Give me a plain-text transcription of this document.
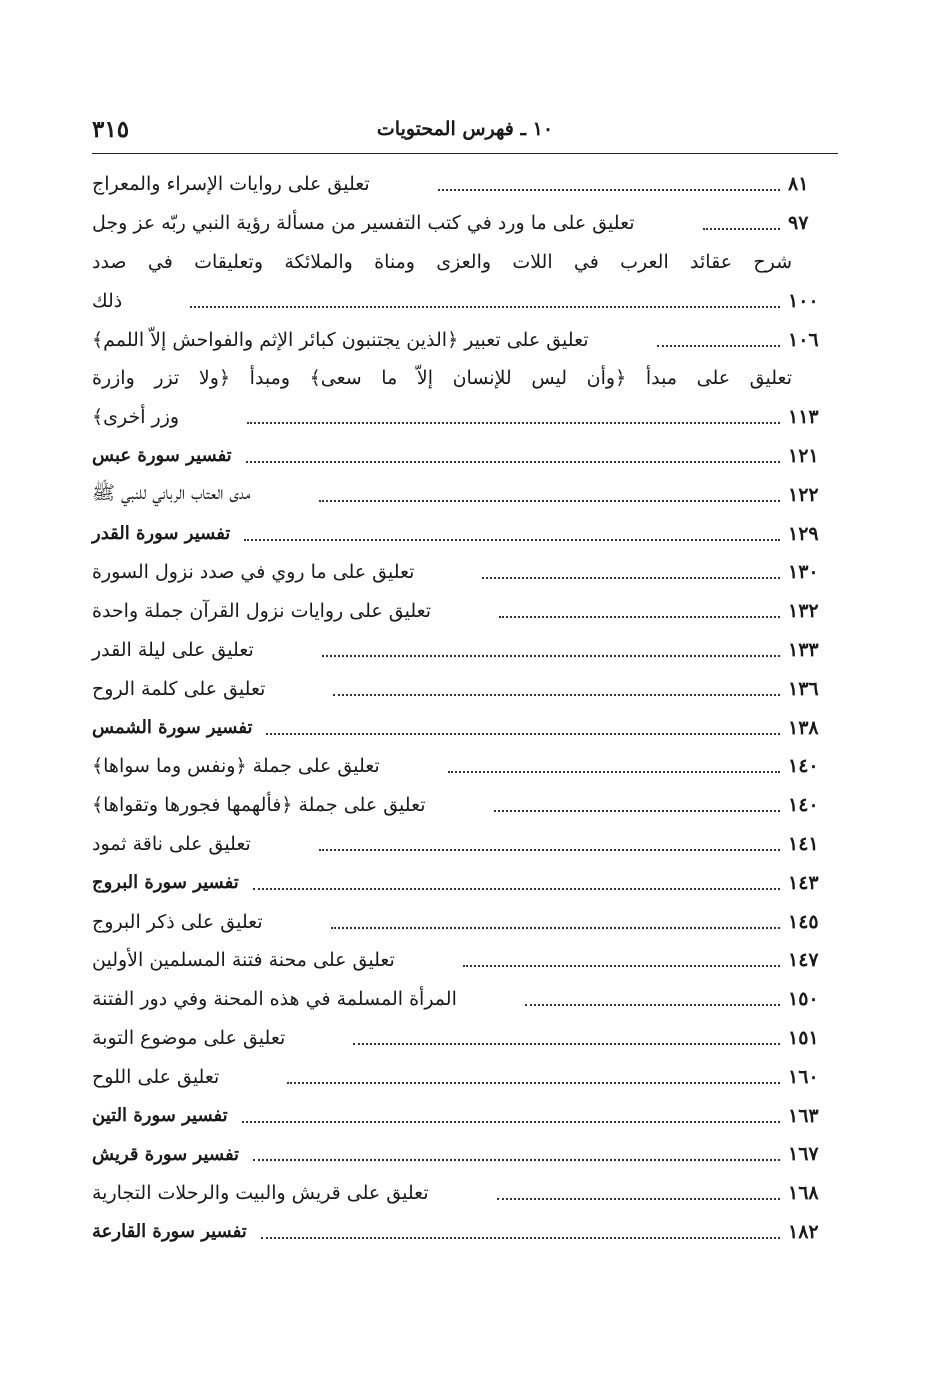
١٠ ـ فهرس المحتويات
٣١٥
تعليق على روايات الإسراء والمعراج	٨١
تعليق على ما ورد في كتب التفسير من مسألة رؤية النبي ربّه عز وجل	٩٧
شرح عقائد العرب في اللات والعزى ومناة والملائكة وتعليقات في صدد
ذلك	١٠٠
تعليق على تعبير ﴿الذين يجتنبون كبائر الإثم والفواحش إلاّ اللمم﴾	١٠٦
تعليق على مبدأ ﴿وأن ليس للإنسان إلاّ ما سعى﴾ ومبدأ ﴿ولا تزر وازرة
وزر أخرى﴾	١١٣
تفسير سورة عبس	١٢١
مدى العتاب الرباني للنبي ﷺ	١٢٢
تفسير سورة القدر	١٢٩
تعليق على ما روي في صدد نزول السورة	١٣٠
تعليق على روايات نزول القرآن جملة واحدة	١٣٢
تعليق على ليلة القدر	١٣٣
تعليق على كلمة الروح	١٣٦
تفسير سورة الشمس	١٣٨
تعليق على جملة ﴿ونفس وما سواها﴾	١٤٠
تعليق على جملة ﴿فألهمها فجورها وتقواها﴾	١٤٠
تعليق على ناقة ثمود	١٤١
تفسير سورة البروج	١٤٣
تعليق على ذكر البروج	١٤٥
تعليق على محنة فتنة المسلمين الأولين	١٤٧
المرأة المسلمة في هذه المحنة وفي دور الفتنة	١٥٠
تعليق على موضوع التوبة	١٥١
تعليق على اللوح	١٦٠
تفسير سورة التين	١٦٣
تفسير سورة قريش	١٦٧
تعليق على قريش والبيت والرحلات التجارية	١٦٨
تفسير سورة القارعة	١٨٢
